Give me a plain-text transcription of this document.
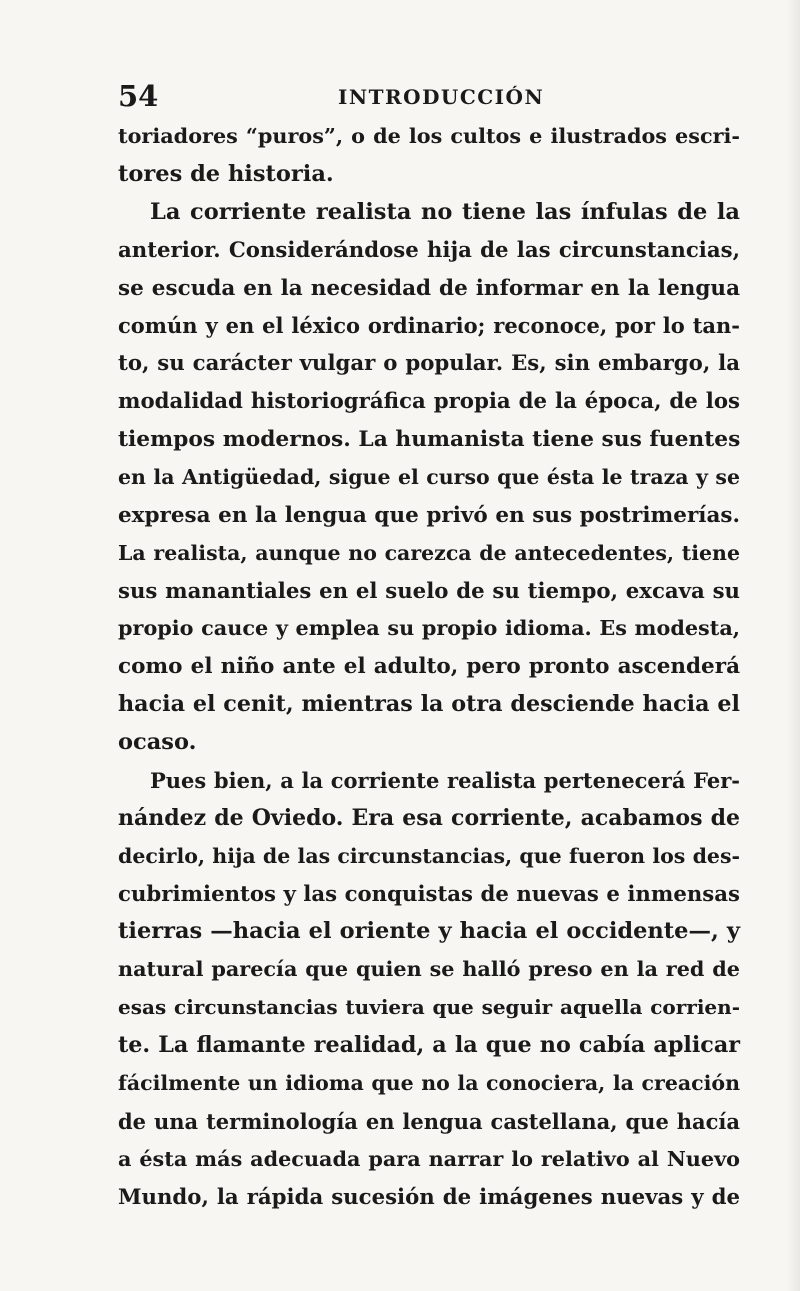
54	INTRODUCCIÓN
toriadores “puros”, o de los cultos e ilustrados escri-
tores de historia.
La corriente realista no tiene las ínfulas de la
anterior. Considerándose hija de las circunstancias,
se escuda en la necesidad de informar en la lengua
común y en el léxico ordinario; reconoce, por lo tan-
to, su carácter vulgar o popular. Es, sin embargo, la
modalidad historiográfica propia de la época, de los
tiempos modernos. La humanista tiene sus fuentes
en la Antigüedad, sigue el curso que ésta le traza y se
expresa en la lengua que privó en sus postrimerías.
La realista, aunque no carezca de antecedentes, tiene
sus manantiales en el suelo de su tiempo, excava su
propio cauce y emplea su propio idioma. Es modesta,
como el niño ante el adulto, pero pronto ascenderá
hacia el cenit, mientras la otra desciende hacia el
ocaso.
Pues bien, a la corriente realista pertenecerá Fer-
nández de Oviedo. Era esa corriente, acabamos de
decirlo, hija de las circunstancias, que fueron los des-
cubrimientos y las conquistas de nuevas e inmensas
tierras —hacia el oriente y hacia el occidente—, y
natural parecía que quien se halló preso en la red de
esas circunstancias tuviera que seguir aquella corrien-
te. La flamante realidad, a la que no cabía aplicar
fácilmente un idioma que no la conociera, la creación
de una terminología en lengua castellana, que hacía
a ésta más adecuada para narrar lo relativo al Nuevo
Mundo, la rápida sucesión de imágenes nuevas y de
